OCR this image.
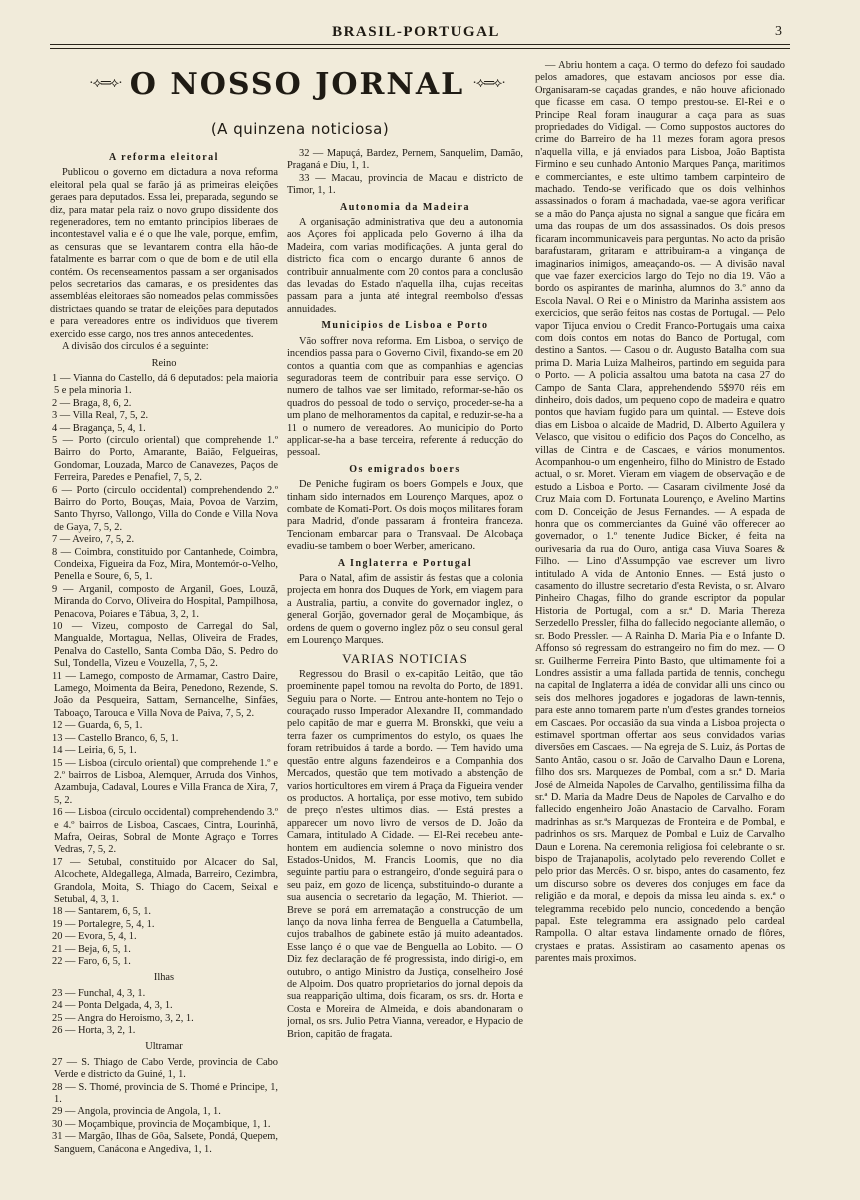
BRASIL-PORTUGAL	3
·⟡═⟡· O NOSSO JORNAL ·⟡═⟡·
(A quinzena noticiosa)
A reforma eleitoral

Publicou o governo em dictadura a nova reforma eleitoral pela qual se farão já as primeiras eleições geraes para deputados. Essa lei, preparada, segundo se diz, para matar pela raiz o novo grupo dissidente dos regeneradores, tem no emtanto principios liberaes de incontestavel valia e é o que lhe vale, porque, emfim, as censuras que se levantarem contra ella hão-de fatalmente es barrar com o que de bom e de util ella contém. Os recenseamentos passam a ser organisados pelos secretarios das camaras, e os presidentes das assembléas eleitoraes são nomeados pelas commissões districtaes quando se tratar de eleições para deputados e para vereadores entre os individuos que tiverem exercido esse cargo, nos tres annos antecedentes.

A divisão dos circulos é a seguinte:

Reino

1 — Vianna do Castello, dá 6 deputados: pela maioria 5 e pela minoria 1.

2 — Braga, 8, 6, 2.

3 — Villa Real, 7, 5, 2.

4 — Bragança, 5, 4, 1.

5 — Porto (circulo oriental) que comprehende 1.º Bairro do Porto, Amarante, Baião, Felgueiras, Gondomar, Louzada, Marco de Canavezes, Paços de Ferreira, Paredes e Penafiel, 7, 5, 2.

6 — Porto (circulo occidental) comprehendendo 2.º Bairro do Porto, Bouças, Maia, Povoa de Varzim, Santo Thyrso, Vallongo, Villa do Conde e Villa Nova de Gaya, 7, 5, 2.

7 — Aveiro, 7, 5, 2.

8 — Coimbra, constituido por Cantanhede, Coimbra, Condeixa, Figueira da Foz, Mira, Montemór-o-Velho, Penella e Soure, 6, 5, 1.

9 — Arganil, composto de Arganil, Goes, Louzã, Miranda do Corvo, Oliveira do Hospital, Pampilhosa, Penacova, Poiares e Tábua, 3, 2, 1.

10 — Vizeu, composto de Carregal do Sal, Mangualde, Mortagua, Nellas, Oliveira de Frades, Penalva do Castello, Santa Comba Dão, S. Pedro do Sul, Tondella, Vizeu e Vouzella, 7, 5, 2.

11 — Lamego, composto de Armamar, Castro Daire, Lamego, Moimenta da Beira, Penedono, Rezende, S. João da Pesqueira, Sattam, Sernancelhe, Sinfães, Taboaço, Tarouca e Villa Nova de Paiva, 7, 5, 2.

12 — Guarda, 6, 5, 1.

13 — Castello Branco, 6, 5, 1.

14 — Leiria, 6, 5, 1.

15 — Lisboa (circulo oriental) que comprehende 1.º e 2.º bairros de Lisboa, Alemquer, Arruda dos Vinhos, Azambuja, Cadaval, Loures e Villa Franca de Xira, 7, 5, 2.

16 — Lisboa (circulo occidental) comprehendendo 3.º e 4.º bairros de Lisboa, Cascaes, Cintra, Lourinhã, Mafra, Oeiras, Sobral de Monte Agraço e Torres Vedras, 7, 5, 2.

17 — Setubal, constituido por Alcacer do Sal, Alcochete, Aldegallega, Almada, Barreiro, Cezimbra, Grandola, Moita, S. Thiago do Cacem, Seixal e Setubal, 4, 3, 1.

18 — Santarem, 6, 5, 1.

19 — Portalegre, 5, 4, 1.

20 — Evora, 5, 4, 1.

21 — Beja, 6, 5, 1.

22 — Faro, 6, 5, 1.

Ilhas

23 — Funchal, 4, 3, 1.

24 — Ponta Delgada, 4, 3, 1.

25 — Angra do Heroismo, 3, 2, 1.

26 — Horta, 3, 2, 1.

Ultramar

27 — S. Thiago de Cabo Verde, provincia de Cabo Verde e districto da Guiné, 1, 1.

28 — S. Thomé, provincia de S. Thomé e Principe, 1, 1.

29 — Angola, provincia de Angola, 1, 1.

30 — Moçambique, provincia de Moçambique, 1, 1.

31 — Margão, Ilhas de Gôa, Salsete, Pondá, Quepem, Sanguem, Canácona e Angediva, 1, 1.

32 — Mapuçá, Bardez, Pernem, Sanquelim, Damão, Praganá e Diu, 1, 1.

33 — Macau, provincia de Macau e districto de Timor, 1, 1.

Autonomia da Madeira

A organisação administrativa que deu a autonomia aos Açores foi applicada pelo Governo á ilha da Madeira, com varias modificações. A junta geral do districto fica com o encargo durante 6 annos de contribuir annualmente com 20 contos para a conclusão das levadas do Estado n'aquella ilha, cujas receitas passam para a junta até integral reembolso d'essas annuidades.

Municipios de Lisboa e Porto

Vão soffrer nova reforma. Em Lisboa, o serviço de incendios passa para o Governo Civil, fixando-se em 20 contos a quantia com que as companhias e agencias seguradoras teem de contribuir para esse serviço. O numero de talhos vae ser limitado, reformar-se-hão os quadros do pessoal de todo o serviço, proceder-se-ha a um plano de melhoramentos da capital, e reduzir-se-ha a 11 o numero de vereadores. Ao municipio do Porto applicar-se-ha a base terceira, referente á reducção do pessoal.

Os emigrados boers

De Peniche fugiram os boers Gompels e Joux, que tinham sido internados em Lourenço Marques, apoz o combate de Komati-Port. Os dois moços militares foram para Madrid, d'onde passaram á fronteira franceza. Tencionam embarcar para o Transvaal. De Alcobaça evadiu-se tambem o boer Werber, americano.

A Inglaterra e Portugal

Para o Natal, afim de assistir ás festas que a colonia projecta em honra dos Duques de York, em viagem para a Australia, partiu, a convite do governador inglez, o general Gorjão, governador geral de Moçambique, ás ordens de quem o governo inglez pôz o seu consul geral em Lourenço Marques.

VARIAS NOTICIAS

Regressou do Brasil o ex-capitão Leitão, que tão proeminente papel tomou na revolta do Porto, de 1891. Seguiu para o Norte. — Entrou ante-hontem no Tejo o couraçado russo Imperador Alexandre II, commandado pelo capitão de mar e guerra M. Bronskki, que veiu a terra fazer os cumprimentos do estylo, os quaes lhe foram retribuidos á tarde a bordo. — Tem havido uma questão entre alguns fazendeiros e a Companhia dos Mercados, questão que tem motivado a abstenção de varios horticultores em virem á Praça da Figueira vender os productos. A hortaliça, por esse motivo, tem subido de preço n'estes ultimos dias. — Está prestes a apparecer um novo livro de versos de D. João da Camara, intitulado A Cidade. — El-Rei recebeu ante-hontem em audiencia solemne o novo ministro dos Estados-Unidos, M. Francis Loomis, que no dia seguinte partiu para o estrangeiro, d'onde seguirá para o seu paiz, em gozo de licença, substituindo-o durante a sua ausencia o secretario da legação, M. Thieriot. — Breve se porá em arrematação a construcção de um lanço da nova linha ferrea de Benguella a Catumbella, cujos trabalhos de gabinete estão já muito adeantados. Esse lanço é o que vae de Benguella ao Lobito. — O Diz fez declaração de fé progressista, indo dirigi-o, em outubro, o antigo Ministro da Justiça, conselheiro José de Alpoim. Dos quatro proprietarios do jornal depois da sua reapparição ultima, dois ficaram, os srs. dr. Horta e Costa e Moreira de Almeida, e dois abandonaram o jornal, os srs. Julio Petra Vianna, vereador, e Hypacio de Brion, capitão de fragata.

— Abriu hontem a caça. O termo do defezo foi saudado pelos amadores, que estavam anciosos por esse dia. Organisaram-se caçadas grandes, e não houve aficionado que ficasse em casa. O tempo prestou-se. El-Rei e o Principe Real foram inaugurar a caça para as suas propriedades do Vidigal. — Como suppostos auctores do crime do Barreiro de ha 11 mezes foram agora presos n'aquella villa, e já enviados para Lisboa, João Baptista Firmino e seu cunhado Antonio Marques Pança, maritimos e commerciantes, e este ultimo tambem carpinteiro de machado. Tendo-se verificado que os dois velhinhos assassinados o foram á machadada, vae-se agora verificar se a mão do Pança ajusta no signal a sangue que ficára em uma das roupas de um dos assassinados. Os dois presos ficaram incommunicaveis para perguntas. No acto da prisão barafustaram, gritaram e attribuiram-a a vingança de imaginarios inimigos, ameaçando-os. — A divisão naval que vae fazer exercicios largo do Tejo no dia 19. Vão a bordo os aspirantes de marinha, alumnos do 3.º anno da Escola Naval. O Rei e o Ministro da Marinha assistem aos exercicios, que serão feitos nas costas de Portugal. — Pelo vapor Tijuca enviou o Credit Franco-Portugais uma caixa com dois contos em notas do Banco de Portugal, com destino a Santos. — Casou o dr. Augusto Batalha com sua prima D. Maria Luiza Malheiros, partindo em seguida para o Porto. — A policia assaltou uma batota na casa 27 do Campo de Santa Clara, apprehendendo 5$970 réis em dinheiro, dois dados, um pequeno copo de madeira e quatro pontos que haviam fugido para um quintal. — Esteve dois dias em Lisboa o alcaide de Madrid, D. Alberto Aguilera y Velasco, que visitou o edificio dos Paços do Concelho, as villas de Cintra e de Cascaes, e vários monumentos. Acompanhou-o um engenheiro, filho do Ministro de Estado actual, o sr. Moret. Vieram em viagem de observação e de estudo a Lisboa e Porto. — Casaram civilmente José da Cruz Maia com D. Fortunata Lourenço, e Avelino Martins com D. Conceição de Jesus Fernandes. — A espada de honra que os commerciantes da Guiné vão offerecer ao governador, o 1.º tenente Judice Bicker, é feita na ourivesaria da rua do Ouro, antiga casa Viuva Soares & Filho. — Lino d'Assumpção vae escrever um livro intitulado A vida de Antonio Ennes. — Está justo o casamento do illustre secretario d'esta Revista, o sr. Alvaro Pinheiro Chagas, filho do grande escriptor da popular Historia de Portugal, com a sr.ª D. Maria Thereza Serzedello Pressler, filha do fallecido negociante allemão, o sr. Bodo Pressler. — A Rainha D. Maria Pia e o Infante D. Affonso só regressam do estrangeiro no fim do mez. — O sr. Guilherme Ferreira Pinto Basto, que ultimamente foi a Londres assistir a uma fallada partida de tennis, conchegu na capital de Inglaterra a idéa de convidar alli uns cinco ou seis dos melhores jogadores e jogadoras de lawn-tennis, para este anno tomarem parte n'um d'estes grandes torneios em Cascaes. Por occasião da sua vinda a Lisboa projecta o estimavel sportman offertar aos seus convidados varias diversões em Cascaes. — Na egreja de S. Luiz, ás Portas de Santo Antão, casou o sr. João de Carvalho Daun e Lorena, filho dos srs. Marquezes de Pombal, com a sr.ª D. Maria José de Almeida Napoles de Carvalho, gentilissima filha da sr.ª D. Maria da Madre Deus de Napoles de Carvalho e do fallecido engenheiro João Anastacio de Carvalho. Foram madrinhas as sr.ªs Marquezas de Fronteira e de Pombal, e padrinhos os srs. Marquez de Pombal e Luiz de Carvalho Daun e Lorena. Na ceremonia religiosa foi celebrante o sr. bispo de Trajanapolis, acolytado pelo reverendo Collet e pelo prior das Mercês. O sr. bispo, antes do casamento, fez um discurso sobre os deveres dos conjuges em face da religião e da moral, e depois da missa leu ainda s. ex.ª o telegramma recebido pelo nuncio, concedendo a benção papal. Este telegramma era assignado pelo cardeal Rampolla. O altar estava lindamente ornado de flôres, crystaes e pratas. Assistiram ao casamento apenas os parentes mais proximos.
